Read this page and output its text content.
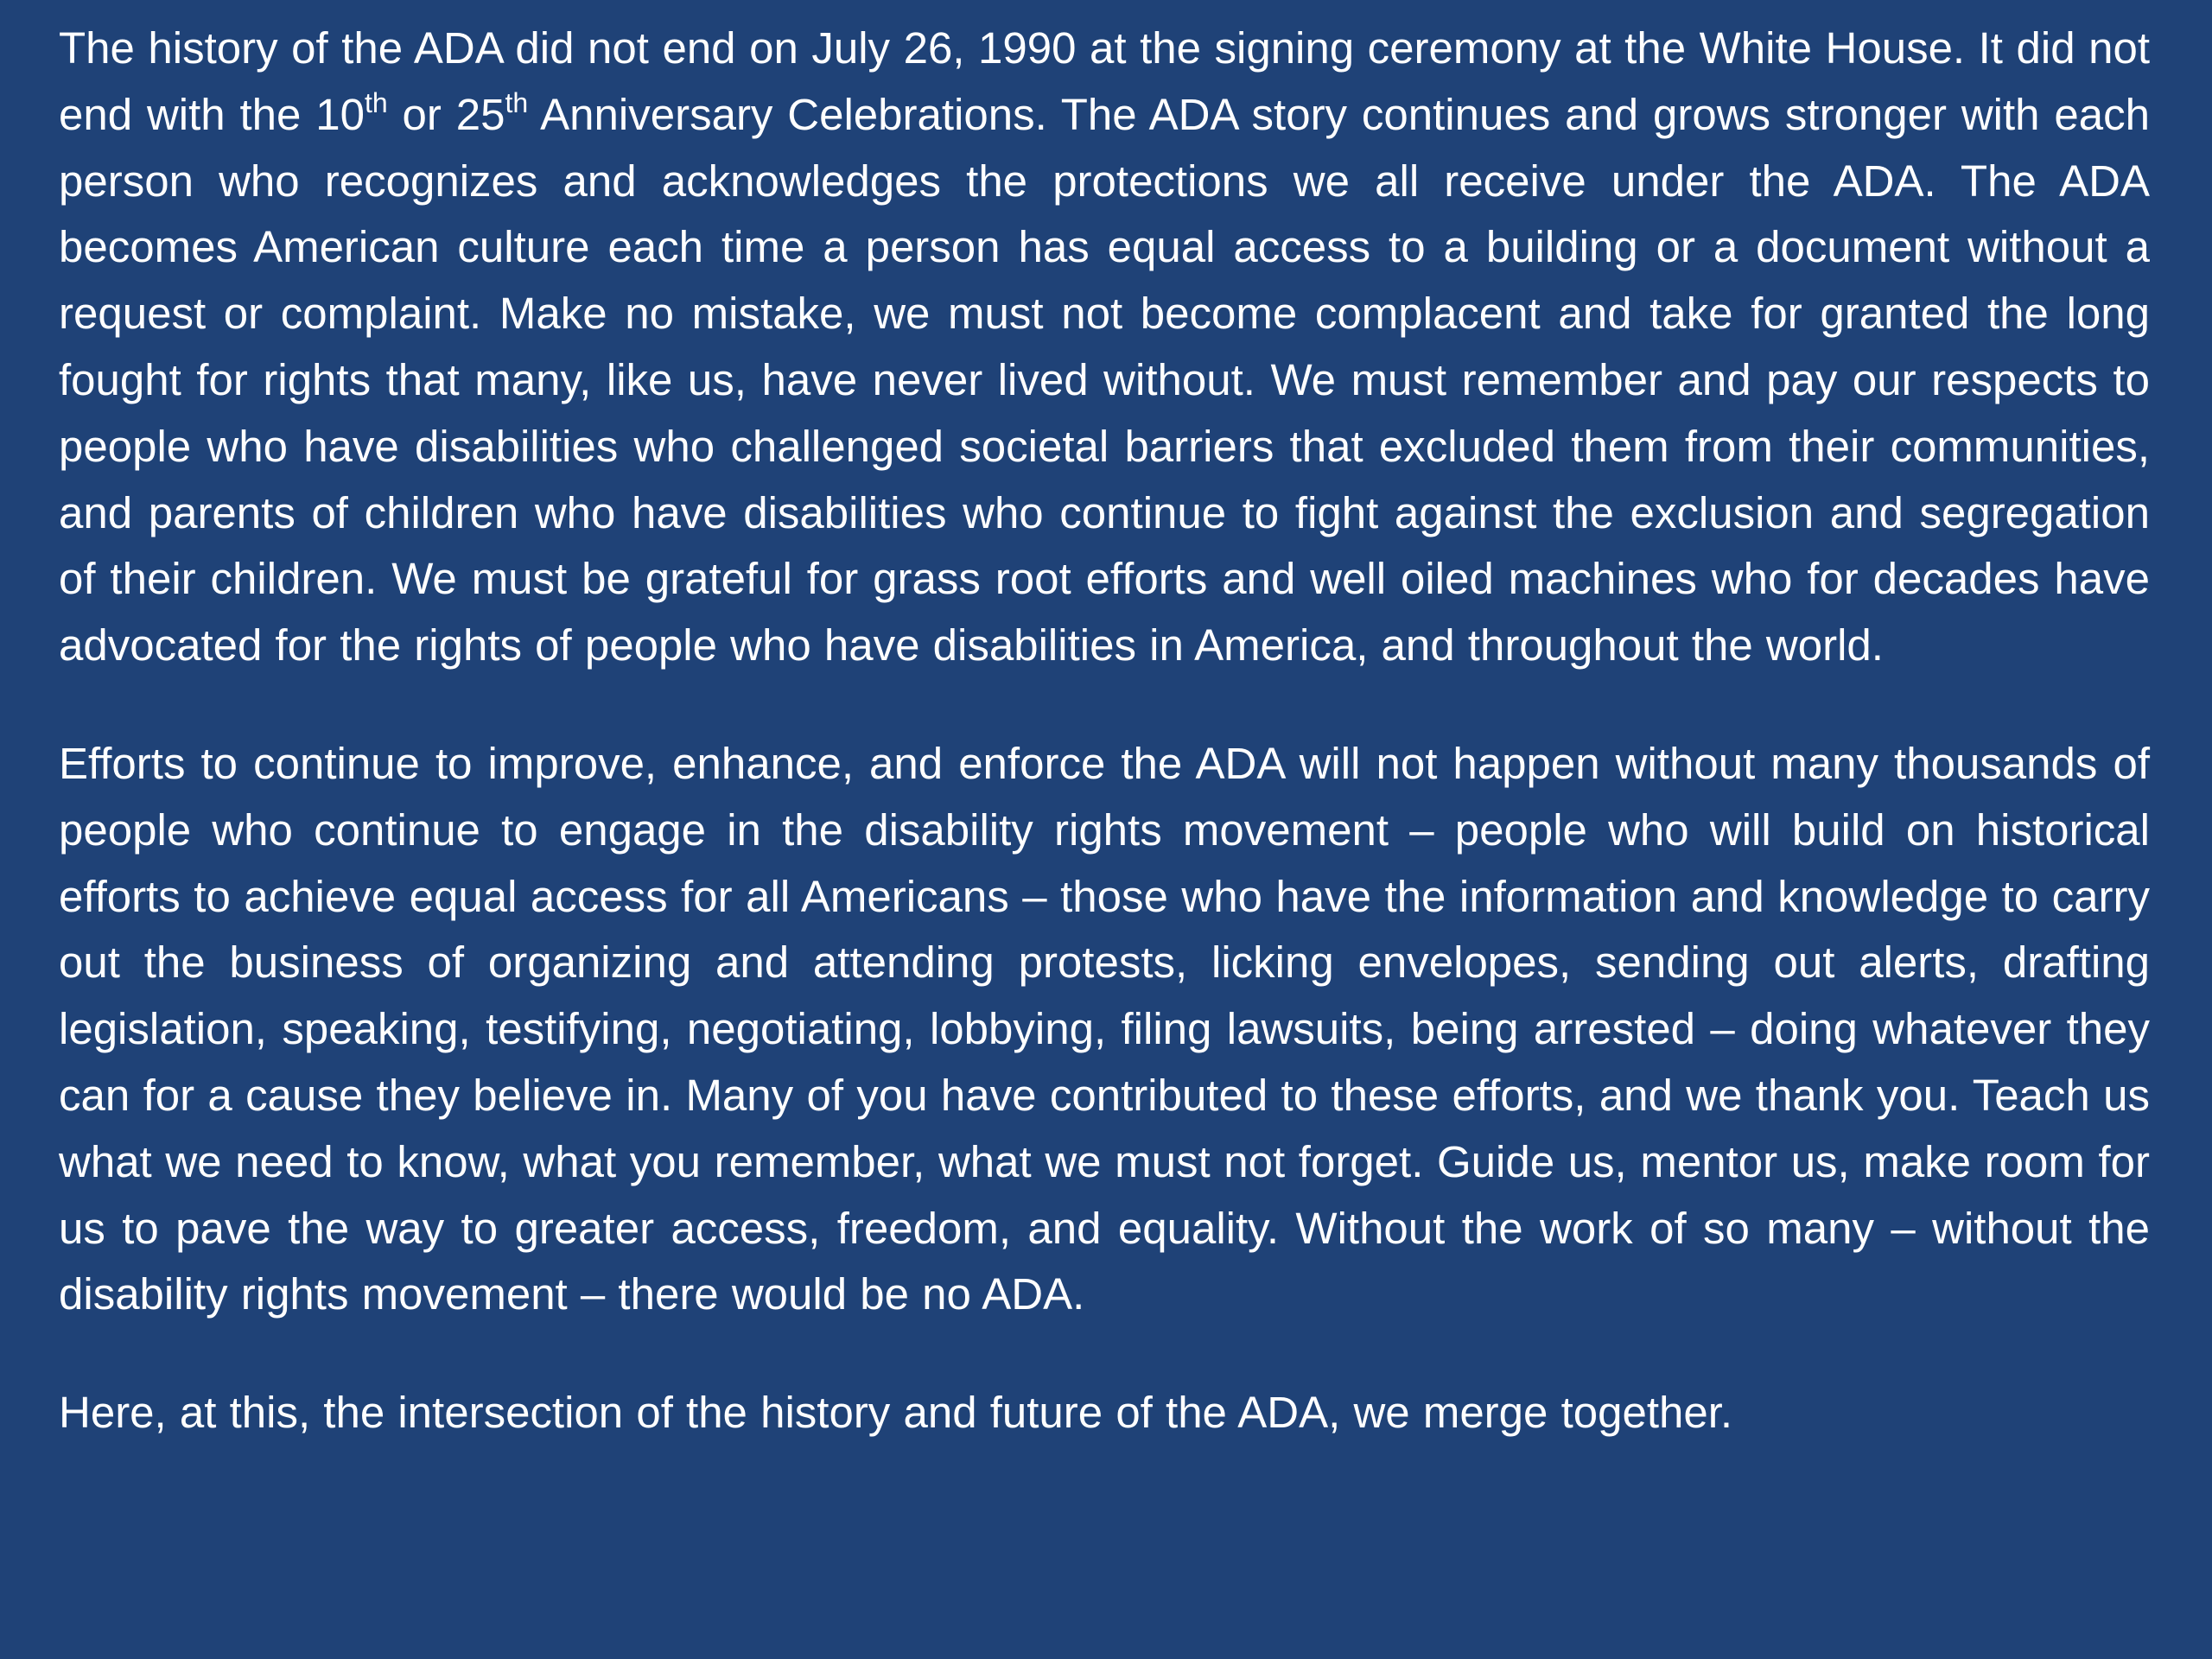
The history of the ADA did not end on July 26, 1990 at the signing ceremony at the White House. It did not end with the 10th or 25th Anniversary Celebrations. The ADA story continues and grows stronger with each person who recognizes and acknowledges the protections we all receive under the ADA. The ADA becomes American culture each time a person has equal access to a building or a document without a request or complaint. Make no mistake, we must not become complacent and take for granted the long fought for rights that many, like us, have never lived without. We must remember and pay our respects to people who have disabilities who challenged societal barriers that excluded them from their communities, and parents of children who have disabilities who continue to fight against the exclusion and segregation of their children. We must be grateful for grass root efforts and well oiled machines who for decades have advocated for the rights of people who have disabilities in America, and throughout the world.

Efforts to continue to improve, enhance, and enforce the ADA will not happen without many thousands of people who continue to engage in the disability rights movement – people who will build on historical efforts to achieve equal access for all Americans – those who have the information and knowledge to carry out the business of organizing and attending protests, licking envelopes, sending out alerts, drafting legislation, speaking, testifying, negotiating, lobbying, filing lawsuits, being arrested – doing whatever they can for a cause they believe in. Many of you have contributed to these efforts, and we thank you. Teach us what we need to know, what you remember, what we must not forget. Guide us, mentor us, make room for us to pave the way to greater access, freedom, and equality. Without the work of so many – without the disability rights movement – there would be no ADA.

Here, at this, the intersection of the history and future of the ADA, we merge together.
